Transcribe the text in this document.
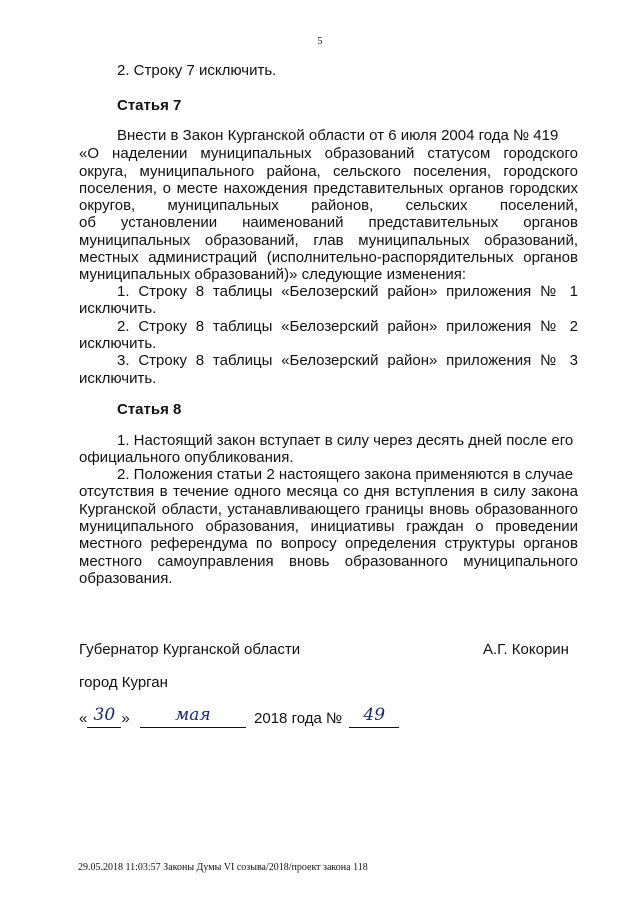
5
2. Строку 7 исключить.
Статья 7
Внести в Закон Курганской области от 6 июля 2004 года № 419
«О наделении муниципальных образований статусом городского
округа, муниципального района, сельского поселения, городского
поселения, о месте нахождения представительных органов городских
округов, муниципальных районов, сельских поселений,
об установлении наименований представительных органов
муниципальных образований, глав муниципальных образований,
местных администраций (исполнительно-распорядительных органов
муниципальных образований)» следующие изменения:
1. Строку 8 таблицы «Белозерский район» приложения № 1
исключить.
2. Строку 8 таблицы «Белозерский район» приложения № 2
исключить.
3. Строку 8 таблицы «Белозерский район» приложения № 3
исключить.
Статья 8
1. Настоящий закон вступает в силу через десять дней после его
официального опубликования.
2. Положения статьи 2 настоящего закона применяются в случае
отсутствия в течение одного месяца со дня вступления в силу закона
Курганской области, устанавливающего границы вновь образованного
муниципального образования, инициативы граждан о проведении
местного референдума по вопросу определения структуры органов
местного самоуправления вновь образованного муниципального
образования.
Губернатор Курганской области	А.Г. Кокорин
город Курган
« 30 »	мая	2018 года № 49
29.05.2018 11:03:57 Законы Думы VI созыва/2018/проект закона 118
